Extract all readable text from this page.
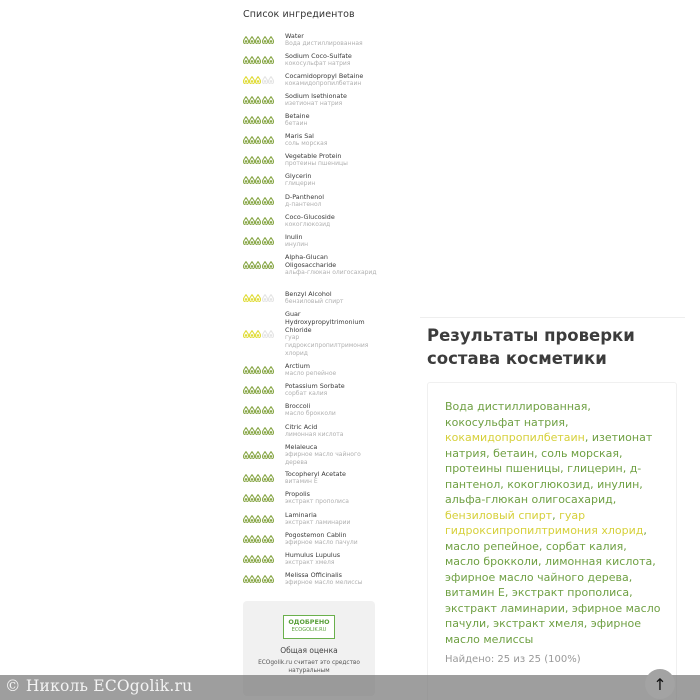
Список ингредиентов
Water
Вода дистиллированная
Sodium Coco-Sulfate
кокосульфат натрия
Cocamidopropyl Betaine
кокамидопропилбетаин
Sodium Isethionate
изетионат натрия
Betaine
бетаин
Maris Sal
соль морская
Vegetable Protein
протеины пшеницы
Glycerin
глицерин
D-Panthenol
д-пантенол
Coco-Glucoside
кокоглюкозид
Inulin
инулин
Alpha-Glucan Oligosaccharide
альфа-глюкан олигосахарид
Benzyl Alcohol
бензиловый спирт
Guar Hydroxypropyltrimonium Chloride
гуар гидроксипропилтримония хлорид
Arctium
масло репейное
Potassium Sorbate
сорбат калия
Broccoli
масло брокколи
Citric Acid
лимонная кислота
Melaleuca
эфирное масло чайного дерева
Tocopheryl Acetate
витамин Е
Propolis
экстракт прополиса
Laminaria
экстракт ламинарии
Pogostemon Cablin
эфирное масло пачули
Humulus Lupulus
экстракт хмеля
Melissa Officinalis
эфирное масло мелиссы
ОДОБРЕНО
ECOGOLIK.RU
Общая оценка
ECOgolik.ru считает это средство натуральным
Результаты проверки состава косметики
Вода дистиллированная, кокосульфат натрия, кокамидопропилбетаин, изетионат натрия, бетаин, соль морская, протеины пшеницы, глицерин, д-пантенол, кокоглюкозид, инулин, альфа-глюкан олигосахарид, бензиловый спирт, гуар гидроксипропилтримония хлорид, масло репейное, сорбат калия, масло брокколи, лимонная кислота, эфирное масло чайного дерева, витамин Е, экстракт прополиса, экстракт ламинарии, эфирное масло пачули, экстракт хмеля, эфирное масло мелиссы
Найдено: 25 из 25 (100%)
© Николь ECOgolik.ru	↑
